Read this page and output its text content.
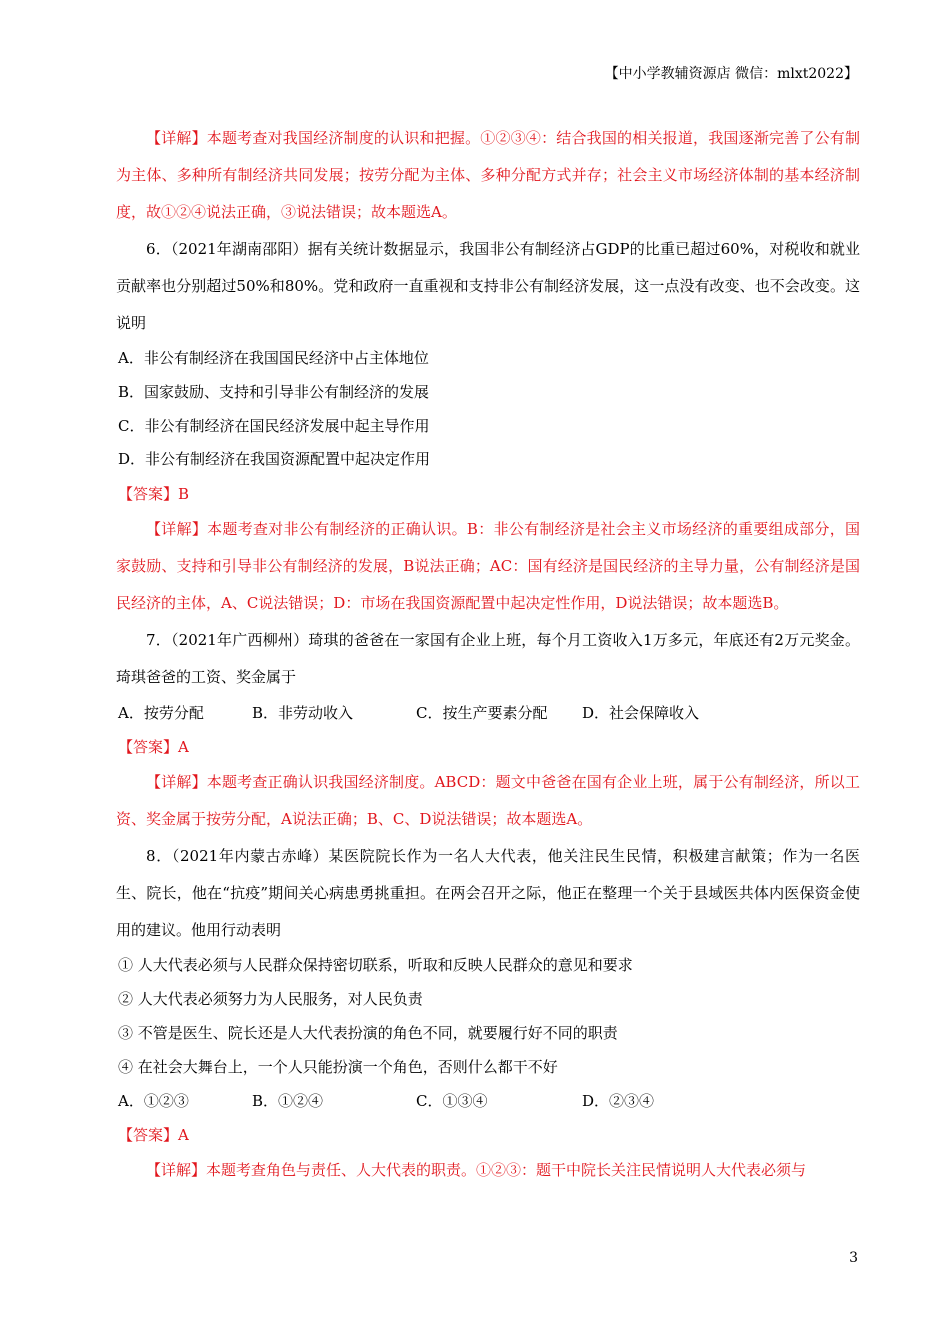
【中小学教辅资源店 微信：mlxt2022】

【详解】本题考查对我国经济制度的认识和把握。①②③④：结合我国的相关报道，我国逐渐完善了公有制为主体、多种所有制经济共同发展；按劳分配为主体、多种分配方式并存；社会主义市场经济体制的基本经济制度，故①②④说法正确，③说法错误；故本题选A。

6．（2021年湖南邵阳）据有关统计数据显示，我国非公有制经济占GDP的比重已超过60%，对税收和就业贡献率也分别超过50%和80%。党和政府一直重视和支持非公有制经济发展，这一点没有改变、也不会改变。这说明

A．非公有制经济在我国国民经济中占主体地位
B．国家鼓励、支持和引导非公有制经济的发展
C．非公有制经济在国民经济发展中起主导作用
D．非公有制经济在我国资源配置中起决定作用
【答案】B

【详解】本题考查对非公有制经济的正确认识。B：非公有制经济是社会主义市场经济的重要组成部分，国家鼓励、支持和引导非公有制经济的发展，B说法正确；AC：国有经济是国民经济的主导力量，公有制经济是国民经济的主体，A、C说法错误；D：市场在我国资源配置中起决定性作用，D说法错误；故本题选B。

7．（2021年广西柳州）琦琪的爸爸在一家国有企业上班，每个月工资收入1万多元，年底还有2万元奖金。琦琪爸爸的工资、奖金属于

A．按劳分配	B．非劳动收入	C．按生产要素分配 D．社会保障收入
【答案】A

【详解】本题考查正确认识我国经济制度。ABCD：题文中爸爸在国有企业上班，属于公有制经济，所以工资、奖金属于按劳分配，A说法正确；B、C、D说法错误；故本题选A。

8．（2021年内蒙古赤峰）某医院院长作为一名人大代表，他关注民生民情，积极建言献策；作为一名医生、院长，他在“抗疫”期间关心病患勇挑重担。在两会召开之际，他正在整理一个关于县域医共体内医保资金使用的建议。他用行动表明

① 人大代表必须与人民群众保持密切联系，听取和反映人民群众的意见和要求
② 人大代表必须努力为人民服务，对人民负责
③ 不管是医生、院长还是人大代表扮演的角色不同，就要履行好不同的职责
④ 在社会大舞台上，一个人只能扮演一个角色，否则什么都干不好
A．①②③	B．①②④	C．①③④	D．②③④
【答案】A

【详解】本题考查角色与责任、人大代表的职责。①②③：题干中院长关注民情说明人大代表必须与

3
